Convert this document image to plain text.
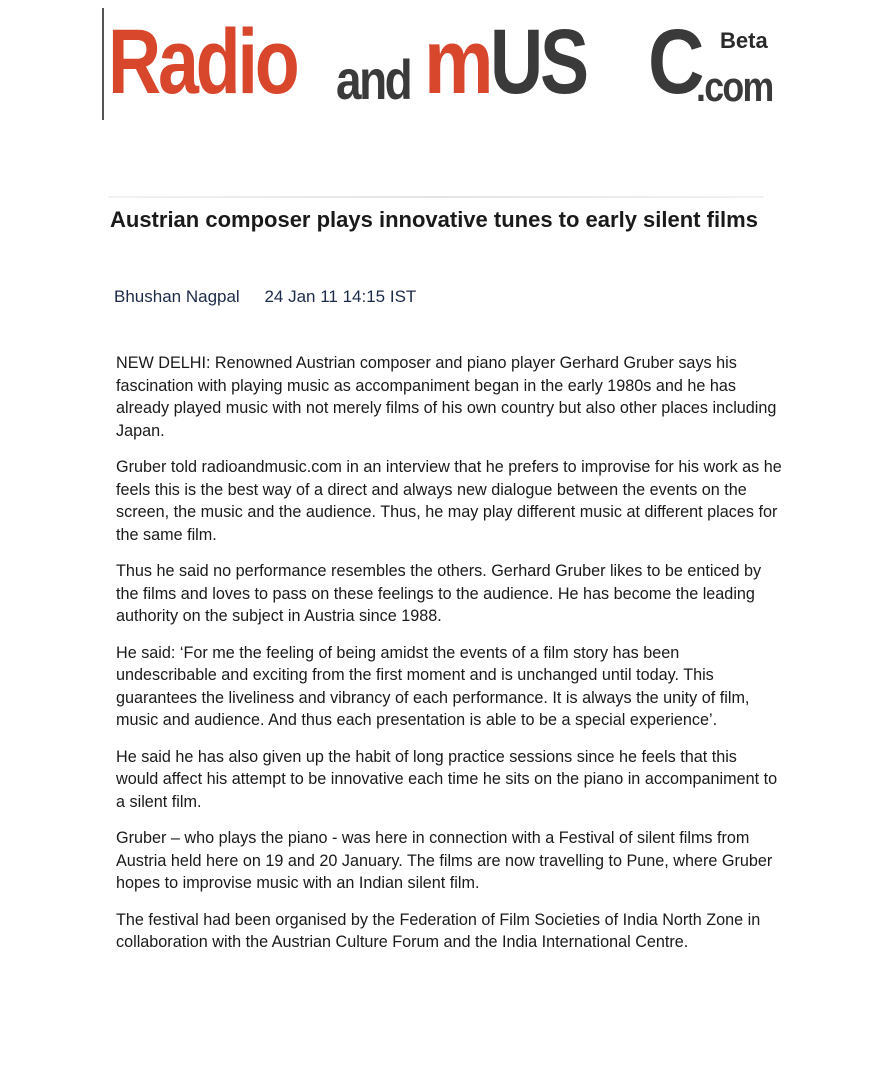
Radio and m US C
.com
Beta
Austrian composer plays innovative tunes to early silent films
Bhushan Nagpal 24 Jan 11 14:15 IST

NEW DELHI: Renowned Austrian composer and piano player Gerhard Gruber says his fascination with playing music as accompaniment began in the early 1980s and he has already played music with not merely films of his own country but also other places including Japan.

Gruber told radioandmusic.com in an interview that he prefers to improvise for his work as he feels this is the best way of a direct and always new dialogue between the events on the screen, the music and the audience. Thus, he may play different music at different places for the same film.

Thus he said no performance resembles the others. Gerhard Gruber likes to be enticed by the films and loves to pass on these feelings to the audience. He has become the leading authority on the subject in Austria since 1988.

He said: ‘For me the feeling of being amidst the events of a film story has been undescribable and exciting from the first moment and is unchanged until today. This guarantees the liveliness and vibrancy of each performance. It is always the unity of film, music and audience. And thus each presentation is able to be a special experience’.

He said he has also given up the habit of long practice sessions since he feels that this would affect his attempt to be innovative each time he sits on the piano in accompaniment to a silent film.

Gruber – who plays the piano - was here in connection with a Festival of silent films from Austria held here on 19 and 20 January. The films are now travelling to Pune, where Gruber hopes to improvise music with an Indian silent film.

The festival had been organised by the Federation of Film Societies of India North Zone in collaboration with the Austrian Culture Forum and the India International Centre.
